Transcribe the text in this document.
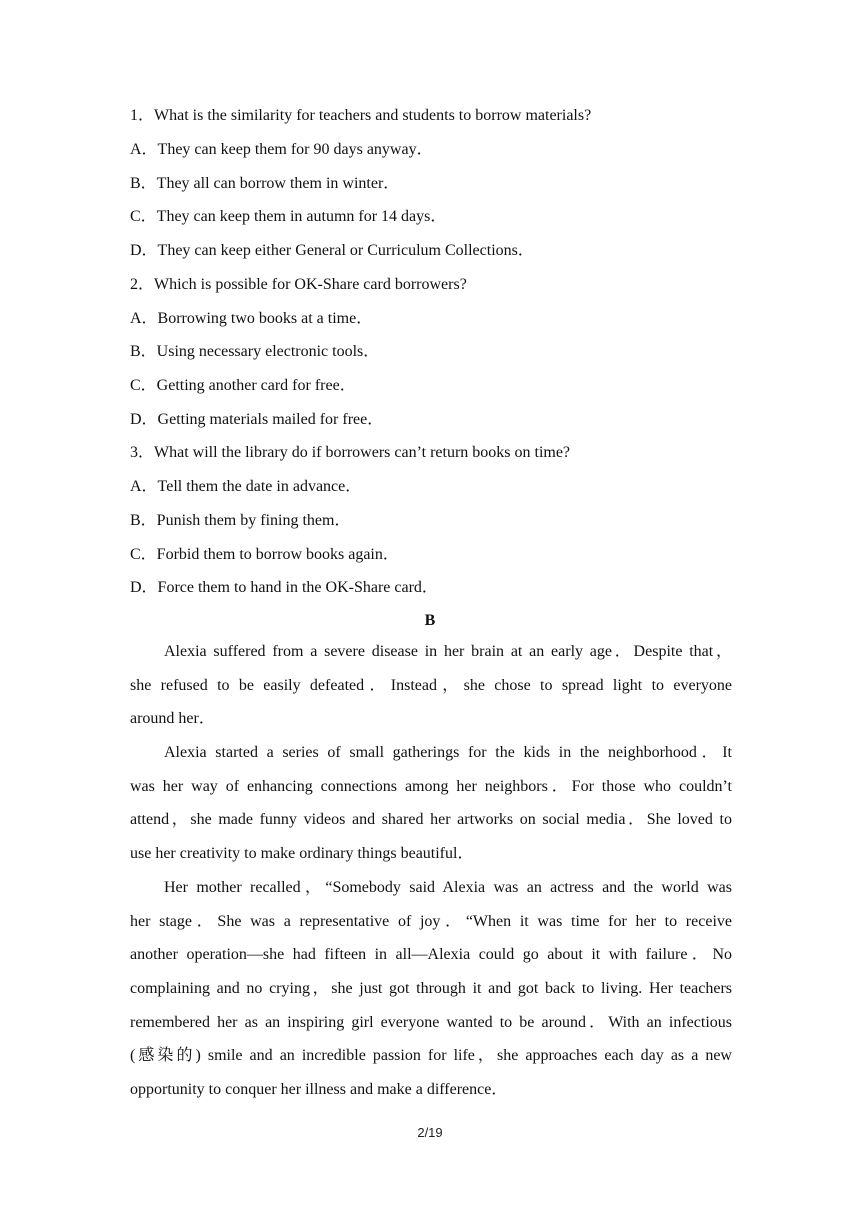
1．What is the similarity for teachers and students to borrow materials?
A．They can keep them for 90 days anyway．
B．They all can borrow them in winter．
C．They can keep them in autumn for 14 days．
D．They can keep either General or Curriculum Collections．
2．Which is possible for OK-Share card borrowers?
A．Borrowing two books at a time．
B．Using necessary electronic tools．
C．Getting another card for free．
D．Getting materials mailed for free．
3．What will the library do if borrowers can’t return books on time?
A．Tell them the date in advance．
B．Punish them by fining them．
C．Forbid them to borrow books again．
D．Force them to hand in the OK-Share card．
B
Alexia suffered from a severe disease in her brain at an early age．Despite that，
she refused to be easily defeated．Instead，she chose to spread light to everyone
around her．
Alexia started a series of small gatherings for the kids in the neighborhood．It
was her way of enhancing connections among her neighbors．For those who couldn’t
attend，she made funny videos and shared her artworks on social media．She loved to
use her creativity to make ordinary things beautiful．
Her mother recalled，“Somebody said Alexia was an actress and the world was
her stage．She was a representative of joy．“When it was time for her to receive
another operation—she had fifteen in all—Alexia could go about it with failure．No
complaining and no crying，she just got through it and got back to living. Her teachers
remembered her as an inspiring girl everyone wanted to be around．With an infectious
(感染的) smile and an incredible passion for life，she approaches each day as a new
opportunity to conquer her illness and make a difference．
2/19
